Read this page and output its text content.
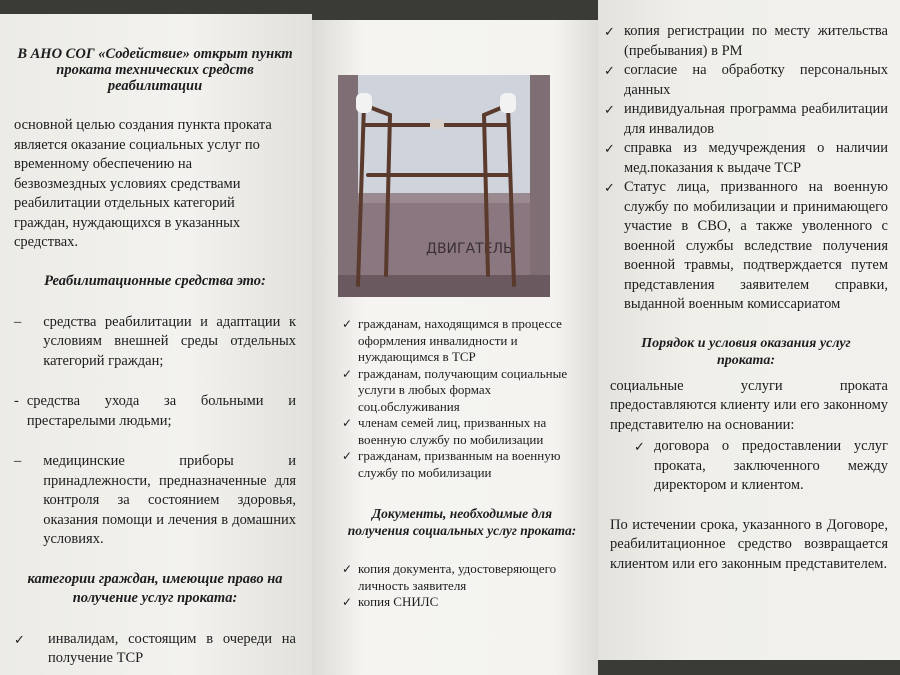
В АНО СОГ «Содействие» открыт пункт проката технических средств реабилитации

основной целью создания пункта проката является оказание социальных услуг по временному обеспечению на безвозмездных условиях средствами реабилитации отдельных категорий граждан, нуждающихся в указанных средствах.

Реабилитационные средства это:

– средства реабилитации и адаптации к условиям внешней среды отдельных категорий граждан;
- средства ухода за больными и престарелыми людьми;
– медицинские приборы и принадлежности, предназначенные для контроля за состоянием здоровья, оказания помощи и лечения в домашних условиях.

категории граждан, имеющие право на получение услуг проката:

✓	инвалидам, состоящим в очереди на получение ТСР
✓ гражданам, находящимся в процессе оформления инвалидности и нуждающимся в ТСР
✓ гражданам, получающим социальные услуги в любых формах соц.обслуживания
✓ членам семей лиц, призванных на военную службу по мобилизации
✓ гражданам, призванным на военную службу по мобилизации

Документы, необходимые для получения социальных услуг проката:

✓ копия документа, удостоверяющего личность заявителя
✓ копия СНИЛС
ДВИГАТЕЛЬ
✓ копия регистрации по месту жительства (пребывания) в РМ
✓ согласие на обработку персональных данных
✓ индивидуальная программа реабилитации для инвалидов
✓ справка из медучреждения о наличии мед.показания к выдаче ТСР
✓ Статус лица, призванного на военную службу по мобилизации и принимающего участие в СВО, а также уволенного с военной службы вследствие получения военной травмы, подтверждается путем представления заявителем справки, выданной военным комиссариатом

Порядок и условия оказания услуг проката:

социальные услуги проката предоставляются клиенту или его законному представителю на основании:

✓ договора о предоставлении услуг проката, заключенного между директором и клиентом.

По истечении срока, указанного в Договоре, реабилитационное средство возвращается клиентом или его законным представителем.
